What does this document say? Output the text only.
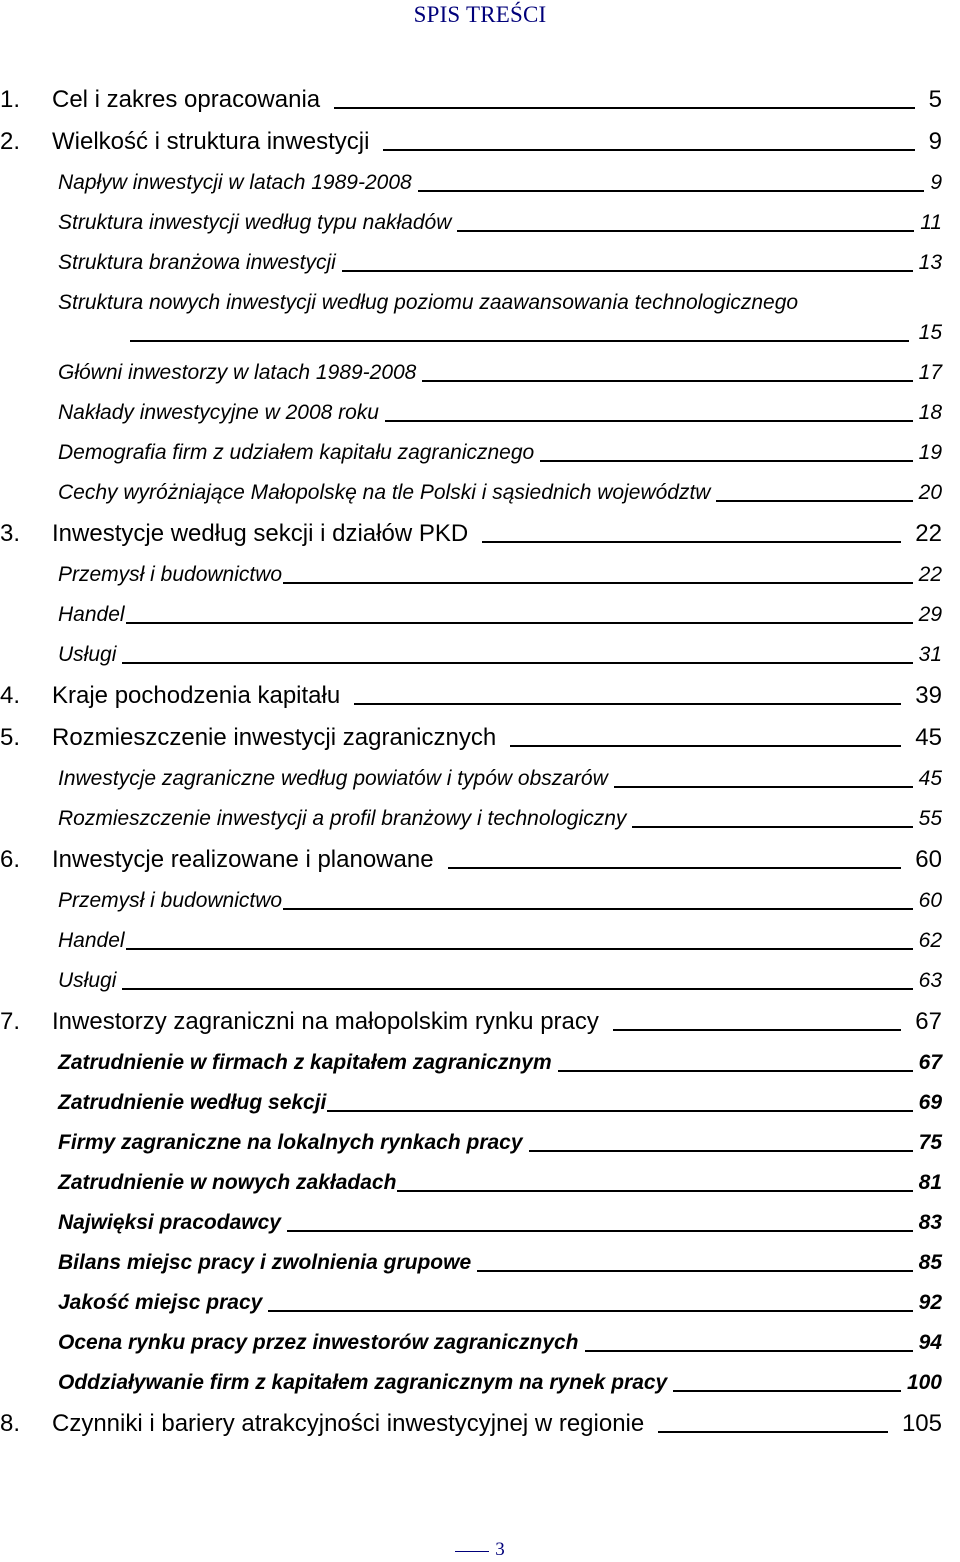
SPIS TREŚCI
1.	Cel i zakres opracowania	5
2.	Wielkość i struktura inwestycji	9
Napływ inwestycji w latach 1989-2008	9
Struktura inwestycji według typu nakładów	11
Struktura branżowa inwestycji	13
Struktura nowych inwestycji według poziomu zaawansowania technologicznego
15
Główni inwestorzy w latach 1989-2008	17
Nakłady inwestycyjne w 2008 roku	18
Demografia firm z udziałem kapitału zagranicznego	19
Cechy wyróżniające Małopolskę na tle Polski i sąsiednich województw	20
3.	Inwestycje według sekcji i działów PKD	22
Przemysł i budownictwo	22
Handel	29
Usługi	31
4.	Kraje pochodzenia kapitału	39
5.	Rozmieszczenie inwestycji zagranicznych	45
Inwestycje zagraniczne według powiatów i typów obszarów	45
Rozmieszczenie inwestycji a profil branżowy i technologiczny	55
6.	Inwestycje realizowane i planowane	60
Przemysł i budownictwo	60
Handel	62
Usługi	63
7.	Inwestorzy zagraniczni na małopolskim rynku pracy	67
Zatrudnienie w firmach z kapitałem zagranicznym	67
Zatrudnienie według sekcji	69
Firmy zagraniczne na lokalnych rynkach pracy	75
Zatrudnienie w nowych zakładach	81
Najwięksi pracodawcy	83
Bilans miejsc pracy i zwolnienia grupowe	85
Jakość miejsc pracy	92
Ocena rynku pracy przez inwestorów zagranicznych	94
Oddziaływanie firm z kapitałem zagranicznym na rynek pracy	100
8.	Czynniki i bariery atrakcyjności inwestycyjnej w regionie	105
3
